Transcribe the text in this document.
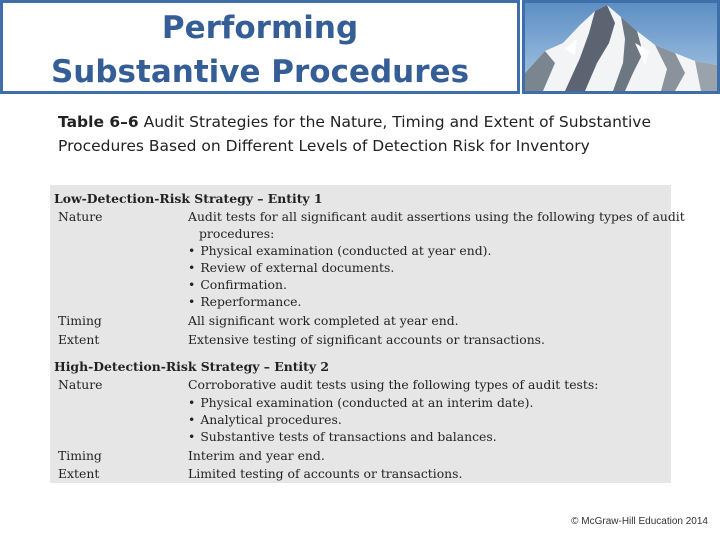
Performing
Substantive Procedures
Table 6–6 Audit Strategies for the Nature, Timing and Extent of Substantive Procedures Based on Different Levels of Detection Risk for Inventory
Low-Detection-Risk Strategy – Entity 1
Nature	Audit tests for all significant audit assertions using the following types of audit
procedures:
• Physical examination (conducted at year end).
• Review of external documents.
• Confirmation.
• Reperformance.
Timing	All significant work completed at year end.
Extent	Extensive testing of significant accounts or transactions.
High-Detection-Risk Strategy – Entity 2
Nature	Corroborative audit tests using the following types of audit tests:
• Physical examination (conducted at an interim date).
• Analytical procedures.
• Substantive tests of transactions and balances.
Timing	Interim and year end.
Extent	Limited testing of accounts or transactions.
© McGraw-Hill Education 2014
